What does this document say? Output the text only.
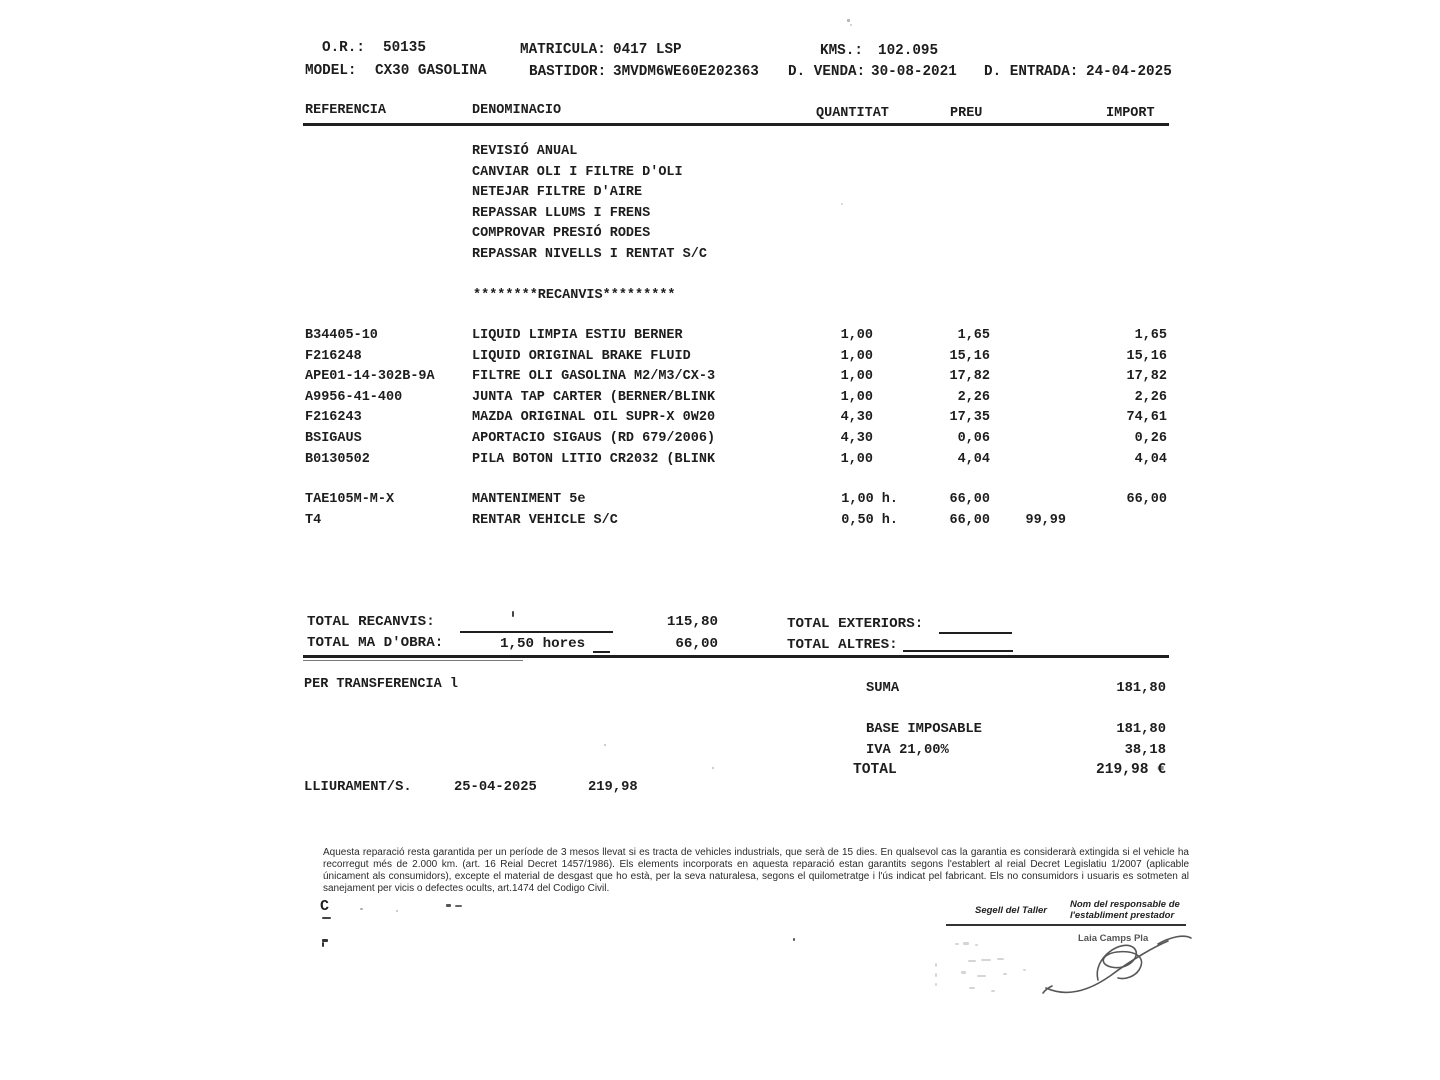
O.R.: 50135	MATRICULA: 0417 LSP	KMS.: 102.095
MODEL: CX30 GASOLINA	BASTIDOR: 3MVDM6WE60E202363 D. VENDA: 30-08-2021 D. ENTRADA: 24-04-2025
REFERENCIA	DENOMINACIO	QUANTITAT	PREU	IMPORT
REVISIÓ ANUAL
CANVIAR OLI I FILTRE D'OLI
NETEJAR FILTRE D'AIRE
REPASSAR LLUMS I FRENS
COMPROVAR PRESIÓ RODES
REPASSAR NIVELLS I RENTAT S/C
********RECANVIS*********
B34405-10	LIQUID LIMPIA ESTIU BERNER	1,00	1,65	1,65
F216248	LIQUID ORIGINAL BRAKE FLUID	1,00	15,16	15,16
APE01-14-302B-9A	FILTRE OLI GASOLINA M2/M3/CX-3	1,00	17,82	17,82
A9956-41-400	JUNTA TAP CARTER (BERNER/BLINK	1,00	2,26	2,26
F216243	MAZDA ORIGINAL OIL SUPR-X 0W20	4,30	17,35	74,61
BSIGAUS	APORTACIO SIGAUS (RD 679/2006)	4,30	0,06	0,26
B0130502	PILA BOTON LITIO CR2032 (BLINK	1,00	4,04	4,04
TAE105M-M-X	MANTENIMENT 5e	1,00 h.	66,00	66,00
T4	RENTAR VEHICLE S/C	0,50 h.	66,00	99,99
TOTAL RECANVIS:	115,80	TOTAL EXTERIORS:
TOTAL MA D'OBRA:	1,50 hores	66,00	TOTAL ALTRES:
PER TRANSFERENCIA l	SUMA	181,80
BASE IMPOSABLE	181,80
IVA 21,00%	38,18
TOTAL	219,98 €
LLIURAMENT/S.	25-04-2025	219,98
Aquesta reparació resta garantida per un període de 3 mesos llevat si es tracta de vehicles industrials, que serà de 15 dies. En qualsevol cas la garantia es considerarà extingida si el vehicle ha recorregut més de 2.000 km. (art. 16 Reial Decret 1457/1986). Els elements incorporats en aquesta reparació estan garantits segons l'establert al reial Decret Legislatiu 1/2007 (aplicable únicament als consumidors), excepte el material de desgast que ho està, per la seva naturalesa, segons el quilometratge i l'ús indicat pel fabricant. Els no consumidors i usuaris es sotmeten al sanejament per vicis o defectes ocults, art.1474 del Codigo Civil.
C	Segell del Taller
Nom del responsable de l'establiment prestador
Laia Camps Pla
